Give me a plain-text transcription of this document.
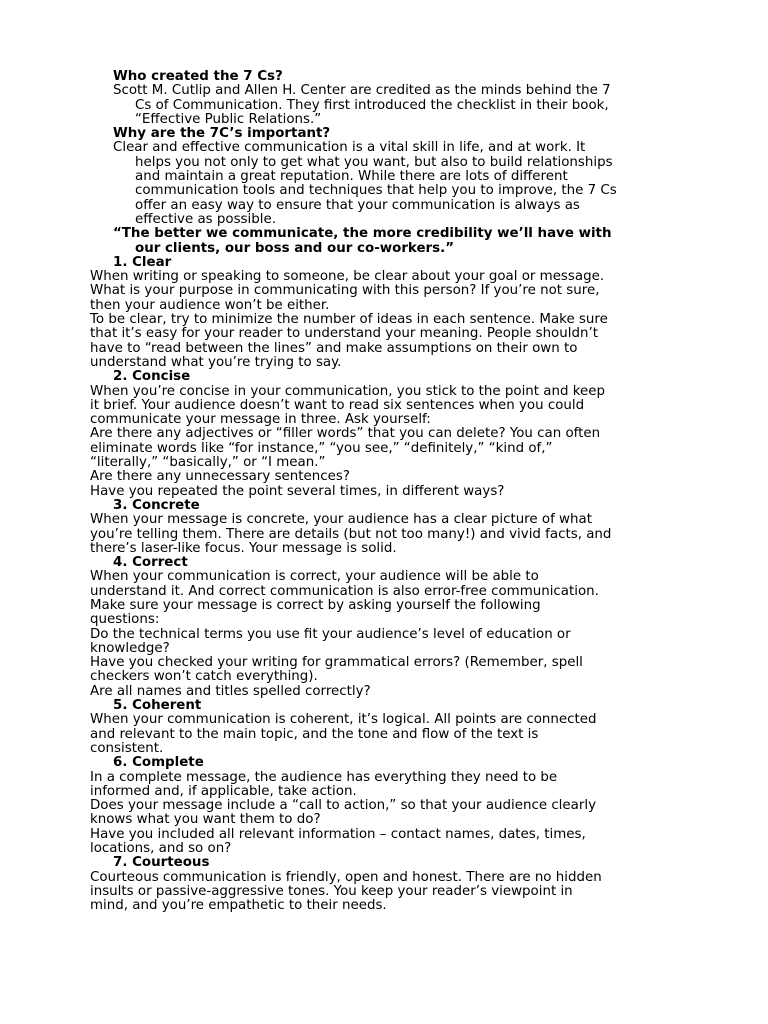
Who created the 7 Cs?

Scott M. Cutlip and Allen H. Center are credited as the minds behind the 7

Cs of Communication. They first introduced the checklist in their book,

“Effective Public Relations.”

Why are the 7C’s important?

Clear and effective communication is a vital skill in life, and at work. It

helps you not only to get what you want, but also to build relationships

and maintain a great reputation. While there are lots of different

communication tools and techniques that help you to improve, the 7 Cs

offer an easy way to ensure that your communication is always as

effective as possible.

“The better we communicate, the more credibility we’ll have with

our clients, our boss and our co-workers.”

1. Clear

When writing or speaking to someone, be clear about your goal or message.

What is your purpose in communicating with this person? If you’re not sure,

then your audience won’t be either.

To be clear, try to minimize the number of ideas in each sentence. Make sure

that it’s easy for your reader to understand your meaning. People shouldn’t

have to “read between the lines” and make assumptions on their own to

understand what you’re trying to say.

2. Concise

When you’re concise in your communication, you stick to the point and keep

it brief. Your audience doesn’t want to read six sentences when you could

communicate your message in three. Ask yourself:

Are there any adjectives or “filler words” that you can delete? You can often

eliminate words like “for instance,” “you see,” “definitely,” “kind of,”

“literally,” “basically,” or “I mean.”

Are there any unnecessary sentences?

Have you repeated the point several times, in different ways?

3. Concrete

When your message is concrete, your audience has a clear picture of what

you’re telling them. There are details (but not too many!) and vivid facts, and

there’s laser-like focus. Your message is solid.

4. Correct

When your communication is correct, your audience will be able to

understand it. And correct communication is also error-free communication.

Make sure your message is correct by asking yourself the following

questions:

Do the technical terms you use fit your audience’s level of education or

knowledge?

Have you checked your writing for grammatical errors? (Remember, spell

checkers won’t catch everything).

Are all names and titles spelled correctly?

5. Coherent

When your communication is coherent, it’s logical. All points are connected

and relevant to the main topic, and the tone and flow of the text is

consistent.

6. Complete

In a complete message, the audience has everything they need to be

informed and, if applicable, take action.

Does your message include a “call to action,” so that your audience clearly

knows what you want them to do?

Have you included all relevant information – contact names, dates, times,

locations, and so on?

7. Courteous

Courteous communication is friendly, open and honest. There are no hidden

insults or passive-aggressive tones. You keep your reader’s viewpoint in

mind, and you’re empathetic to their needs.
